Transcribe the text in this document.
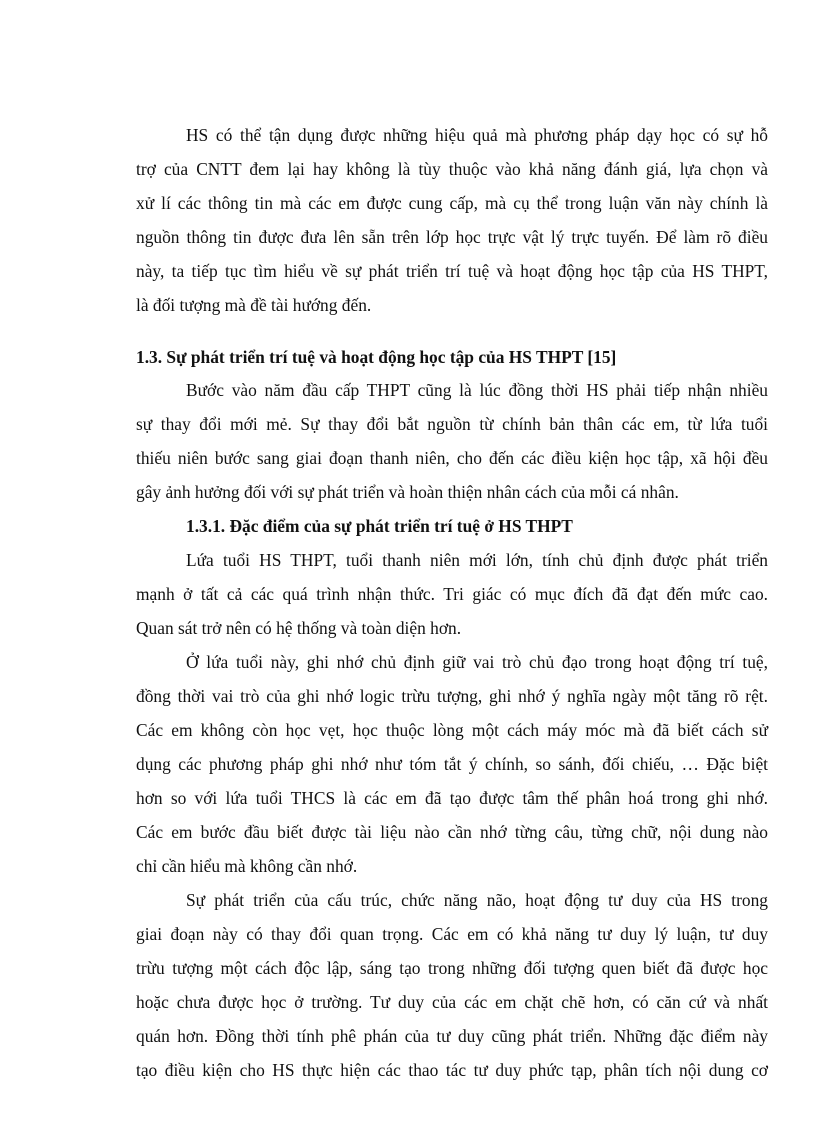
HS có thể tận dụng được những hiệu quả mà phương pháp dạy học có sự hỗ
trợ của CNTT đem lại hay không là tùy thuộc vào khả năng đánh giá, lựa chọn và
xử lí các thông tin mà các em được cung cấp, mà cụ thể trong luận văn này chính là
nguồn thông tin được đưa lên sẵn trên lớp học trực vật lý trực tuyến. Để làm rõ điều
này, ta tiếp tục tìm hiểu về sự phát triển trí tuệ và hoạt động học tập của HS THPT,
là đối tượng mà đề tài hướng đến.
1.3. Sự phát triển trí tuệ và hoạt động học tập của HS THPT [15]
Bước vào năm đầu cấp THPT cũng là lúc đồng thời HS phải tiếp nhận nhiều
sự thay đổi mới mẻ. Sự thay đổi bắt nguồn từ chính bản thân các em, từ lứa tuổi
thiếu niên bước sang giai đoạn thanh niên, cho đến các điều kiện học tập, xã hội đều
gây ảnh hưởng đối với sự phát triển và hoàn thiện nhân cách của mỗi cá nhân.
1.3.1. Đặc điểm của sự phát triển trí tuệ ở HS THPT
Lứa tuổi HS THPT, tuổi thanh niên mới lớn, tính chủ định được phát triển
mạnh ở tất cả các quá trình nhận thức. Tri giác có mục đích đã đạt đến mức cao.
Quan sát trở nên có hệ thống và toàn diện hơn.
Ở lứa tuổi này, ghi nhớ chủ định giữ vai trò chủ đạo trong hoạt động trí tuệ,
đồng thời vai trò của ghi nhớ logic trừu tượng, ghi nhớ ý nghĩa ngày một tăng rõ rệt.
Các em không còn học vẹt, học thuộc lòng một cách máy móc mà đã biết cách sử
dụng các phương pháp ghi nhớ như tóm tắt ý chính, so sánh, đối chiếu, … Đặc biệt
hơn so với lứa tuổi THCS là các em đã tạo được tâm thế phân hoá trong ghi nhớ.
Các em bước đầu biết được tài liệu nào cần nhớ từng câu, từng chữ, nội dung nào
chỉ cần hiểu mà không cần nhớ.
Sự phát triển của cấu trúc, chức năng não, hoạt động tư duy của HS trong
giai đoạn này có thay đổi quan trọng. Các em có khả năng tư duy lý luận, tư duy
trừu tượng một cách độc lập, sáng tạo trong những đối tượng quen biết đã được học
hoặc chưa được học ở trường. Tư duy của các em chặt chẽ hơn, có căn cứ và nhất
quán hơn. Đồng thời tính phê phán của tư duy cũng phát triển. Những đặc điểm này
tạo điều kiện cho HS thực hiện các thao tác tư duy phức tạp, phân tích nội dung cơ
